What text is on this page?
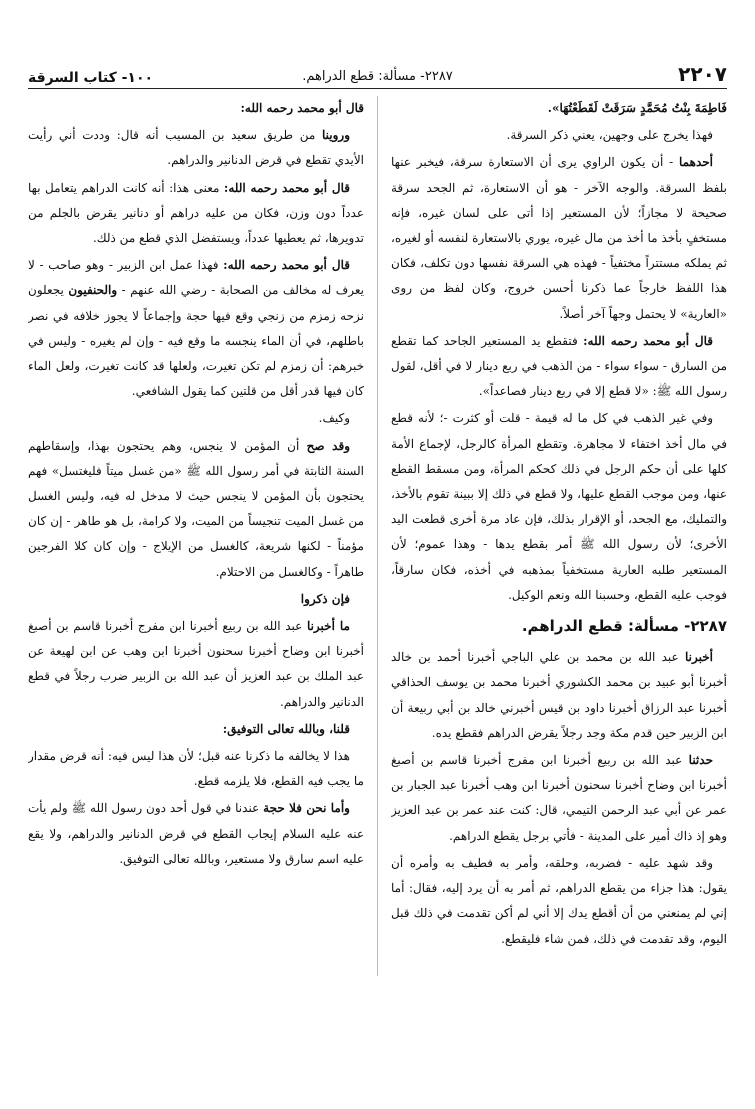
٢٢٠٧
٢٢٨٧- مسألة: قطع الدراهم.
١٠٠- كتاب السرقة

فَاطِمَةَ بِنْتُ مُحَمَّدٍ سَرَقَتْ لَقَطَعْتُهَا».

فهذا يخرج على وجهين، يعني ذكر السرقة.

أحدهما - أن يكون الراوي يرى أن الاستعارة سرقة، فيخبر عنها بلفظ السرقة. والوجه الآخر - هو أن الاستعارة، ثم الجحد سرقة صحيحة لا مجازاً؛ لأن المستعير إذا أتى على لسان غيره، فإنه مستخفٍ بأخذ ما أخذ من مال غيره، يوري بالاستعارة لنفسه أو لغيره، ثم يملكه مستتراً مختفياً - فهذه هي السرقة نفسها دون تكلف، فكان هذا اللفظ خارجاً عما ذكرنا أحسن خروج، وكان لفظ من روى «العارية» لا يحتمل وجهاً آخر أصلاً.

قال أبو محمد رحمه الله: فتقطع يد المستعير الجاحد كما تقطع من السارق - سواء سواء - من الذهب في ربع دينار لا في أقل، لقول رسول الله ﷺ: «لا قطع إلا في ربع دينار فصاعداً».

وفي غير الذهب في كل ما له قيمة - قلت أو كثرت -؛ لأنه قطع في مال أخذ اختفاء لا مجاهرة. وتقطع المرأة كالرجل، لإجماع الأمة كلها على أن حكم الرجل في ذلك كحكم المرأة، ومن مسقط القطع عنها، ومن موجب القطع عليها، ولا قطع في ذلك إلا ببينة تقوم بالأخذ، والتمليك، مع الجحد، أو الإقرار بذلك، فإن عاد مرة أخرى قطعت اليد الأخرى؛ لأن رسول الله ﷺ أمر بقطع يدها - وهذا عموم؛ لأن المستعير طلبه العارية مستخفياً بمذهبه في أخذه، فكان سارقاً، فوجب عليه القطع، وحسبنا الله ونعم الوكيل.

٢٢٨٧- مسألة: قطع الدراهم.

أخبرنا عبد الله بن محمد بن علي الباجي أخبرنا أحمد بن خالد أخبرنا أبو عبيد بن محمد الكشوري أخبرنا محمد بن يوسف الحذاقي أخبرنا عبد الرزاق أخبرنا داود بن قيس أخبرني خالد بن أبي ربيعة أن ابن الزبير حين قدم مكة وجد رجلاً يقرض الدراهم فقطع يده.

حدثنا عبد الله بن ربيع أخبرنا ابن مفرج أخبرنا قاسم بن أصبغ أخبرنا ابن وضاح أخبرنا سحنون أخبرنا ابن وهب أخبرنا عبد الجبار بن عمر عن أبي عبد الرحمن التيمي، قال: كنت عند عمر بن عبد العزيز وهو إذ ذاك أمير على المدينة - فأتي برجل يقطع الدراهم.

وقد شهد عليه - فضربه، وحلقه، وأمر به فطيف به وأمره أن يقول: هذا جزاء من يقطع الدراهم، ثم أمر به أن يرد إليه، فقال: أما إني لم يمنعني من أن أقطع يدك إلا أني لم أكن تقدمت في ذلك قبل اليوم، وقد تقدمت في ذلك، فمن شاء فليقطع.

قال أبو محمد رحمه الله:

وروينا من طريق سعيد بن المسيب أنه قال: وددت أني رأيت الأيدي تقطع في قرض الدنانير والدراهم.

قال أبو محمد رحمه الله: معنى هذا: أنه كانت الدراهم يتعامل بها عدداً دون وزن، فكان من عليه دراهم أو دنانير يقرض بالجلم من تدويرها، ثم يعطيها عدداً، ويستفضل الذي قطع من ذلك.

قال أبو محمد رحمه الله: فهذا عمل ابن الزبير - وهو صاحب - لا يعرف له مخالف من الصحابة - رضي الله عنهم - والحنفيون يجعلون نزحه زمزم من زنجي وقع فيها حجة وإجماعاً لا يجوز خلافه في نصر باطلهم، في أن الماء ينجسه ما وقع فيه - وإن لم يغيره - وليس في خبرهم: أن زمزم لم تكن تغيرت، ولعلها قد كانت تغيرت، ولعل الماء كان فيها قدر أقل من قلتين كما يقول الشافعي.

وكيف.

وقد صح أن المؤمن لا ينجس، وهم يحتجون بهذا، وإسقاطهم السنة الثابتة في أمر رسول الله ﷺ «من غسل ميتاً فليغتسل» فهم يحتجون بأن المؤمن لا ينجس حيث لا مدخل له فيه، وليس الغسل من غسل الميت تنجيساً من الميت، ولا كرامة، بل هو طاهر - إن كان مؤمناً - لكنها شريعة، كالغسل من الإيلاج - وإن كان كلا الفرجين طاهراً - وكالغسل من الاحتلام.

فإن ذكروا

ما أخبرنا عبد الله بن ربيع أخبرنا ابن مفرج أخبرنا قاسم بن أصبغ أخبرنا ابن وضاح أخبرنا سحنون أخبرنا ابن وهب عن ابن لهيعة عن عبد الملك بن عبد العزيز أن عبد الله بن الزبير ضرب رجلاً في قطع الدنانير والدراهم.

قلنا، وبالله تعالى التوفيق:

هذا لا يخالفه ما ذكرنا عنه قبل؛ لأن هذا ليس فيه: أنه قرض مقدار ما يجب فيه القطع، فلا يلزمه قطع.

وأما نحن فلا حجة عندنا في قول أحد دون رسول الله ﷺ ولم يأت عنه عليه السلام إيجاب القطع في قرض الدنانير والدراهم، ولا يقع عليه اسم سارق ولا مستعير، وبالله تعالى التوفيق.
